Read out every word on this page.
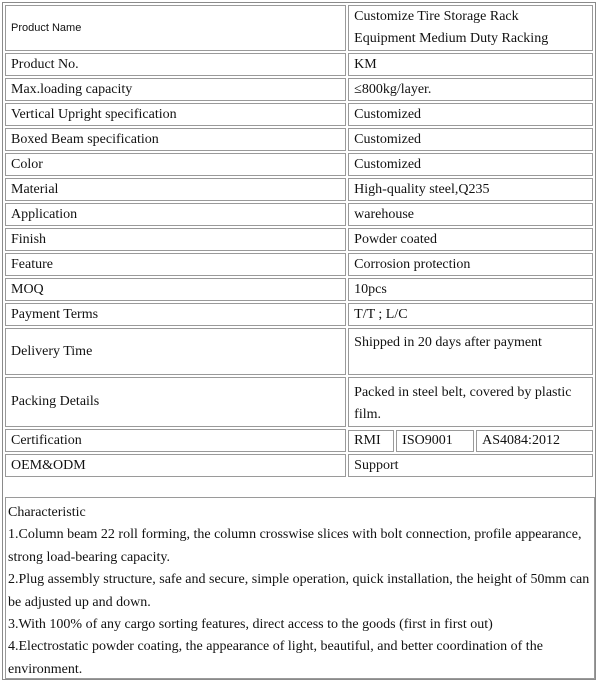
Product Name	Customize Tire Storage Rack
Equipment Medium Duty Racking
Product No.	KM
Max.loading capacity	≤800kg/layer.
Vertical Upright specification	Customized
Boxed Beam specification	Customized
Color	Customized
Material	High-quality steel,Q235
Application	warehouse
Finish	Powder coated
Feature	Corrosion protection
MOQ	10pcs
Payment Terms	T/T ; L/C
Delivery Time	Shipped in 20 days after payment
Packing Details	Packed in steel belt, covered by plastic film.
Certification	RMI ISO9001 AS4084:2012

OEM&ODM	Support

Characteristic

1.Column beam 22 roll forming, the column crosswise slices with bolt connection, profile appearance, strong load-bearing capacity.

2.Plug assembly structure, safe and secure, simple operation, quick installation, the height of 50mm can be adjusted up and down.

3.With 100% of any cargo sorting features, direct access to the goods (first in first out)

4.Electrostatic powder coating, the appearance of light, beautiful, and better coordination of the environment.
